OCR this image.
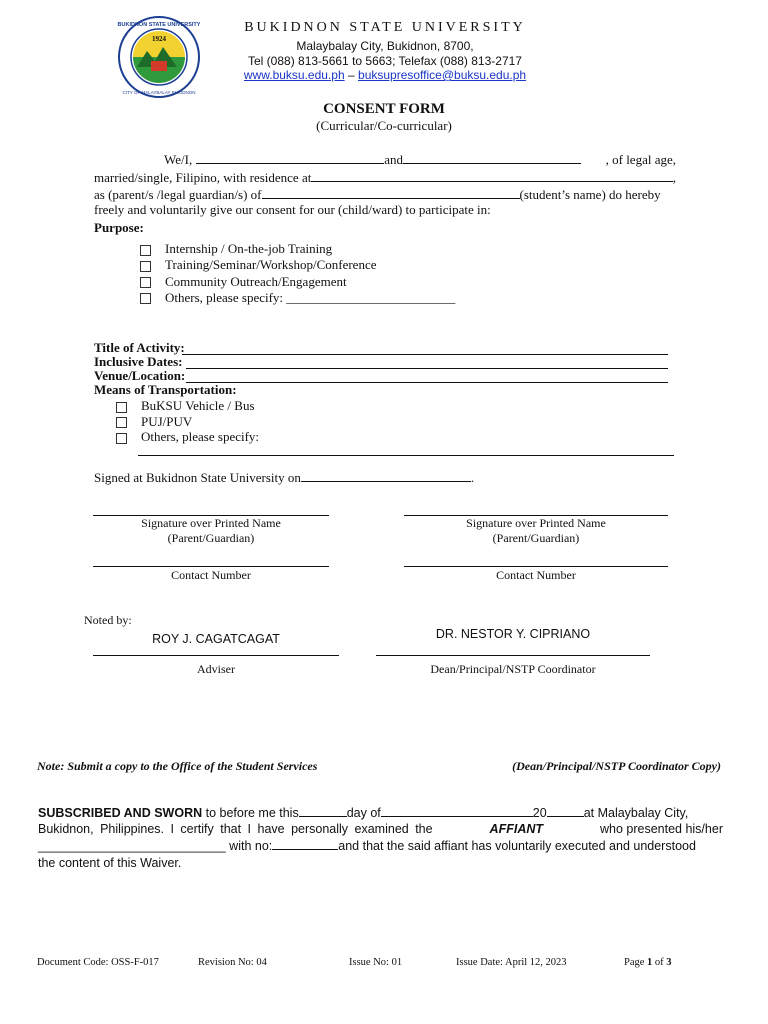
1924
BUKIDNON STATE UNIVERSITY
CITY OF MALAYBALAY BUKIDNON
BUKIDNON STATE UNIVERSITY
Malaybalay City, Bukidnon, 8700,
Tel (088) 813-5661 to 5663; Telefax (088) 813-2717
www.buksu.edu.ph – buksupresoffice@buksu.edu.ph
CONSENT FORM
(Curricular/Co-curricular)
We/I,	and	, of legal age,
married/single, Filipino, with residence at	,
as (parent/s /legal guardian/s) of	(student’s name) do hereby
freely and voluntarily give our consent for our (child/ward) to participate in:
Purpose:
Internship / On-the-job Training
Training/Seminar/Workshop/Conference
Community Outreach/Engagement
Others, please specify: __________________________
Title of Activity:
Inclusive Dates:
Venue/Location:
Means of Transportation:
BuKSU Vehicle / Bus
PUJ/PUV
Others, please specify:
Signed at Bukidnon State University on	.
Signature over Printed Name
(Parent/Guardian)
Signature over Printed Name
(Parent/Guardian)
Contact Number	Contact Number
Noted by:
ROY J. CAGATCAGAT	DR. NESTOR Y. CIPRIANO
Adviser	Dean/Principal/NSTP Coordinator
Note: Submit a copy to the Office of the Student Services	(Dean/Principal/NSTP Coordinator Copy)
SUBSCRIBED AND SWORN
to before me this	day of	20	at Malaybalay City,
Bukidnon, Philippines. I certify that I have personally examined the	AFFIANT	who presented his/her
___________________________ with no:	and that the said affiant has voluntarily executed and understood
the content of this Waiver.
Document Code: OSS-F-017	Revision No: 04	Issue No: 01	Issue Date: April 12, 2023	Page 1 of 3
